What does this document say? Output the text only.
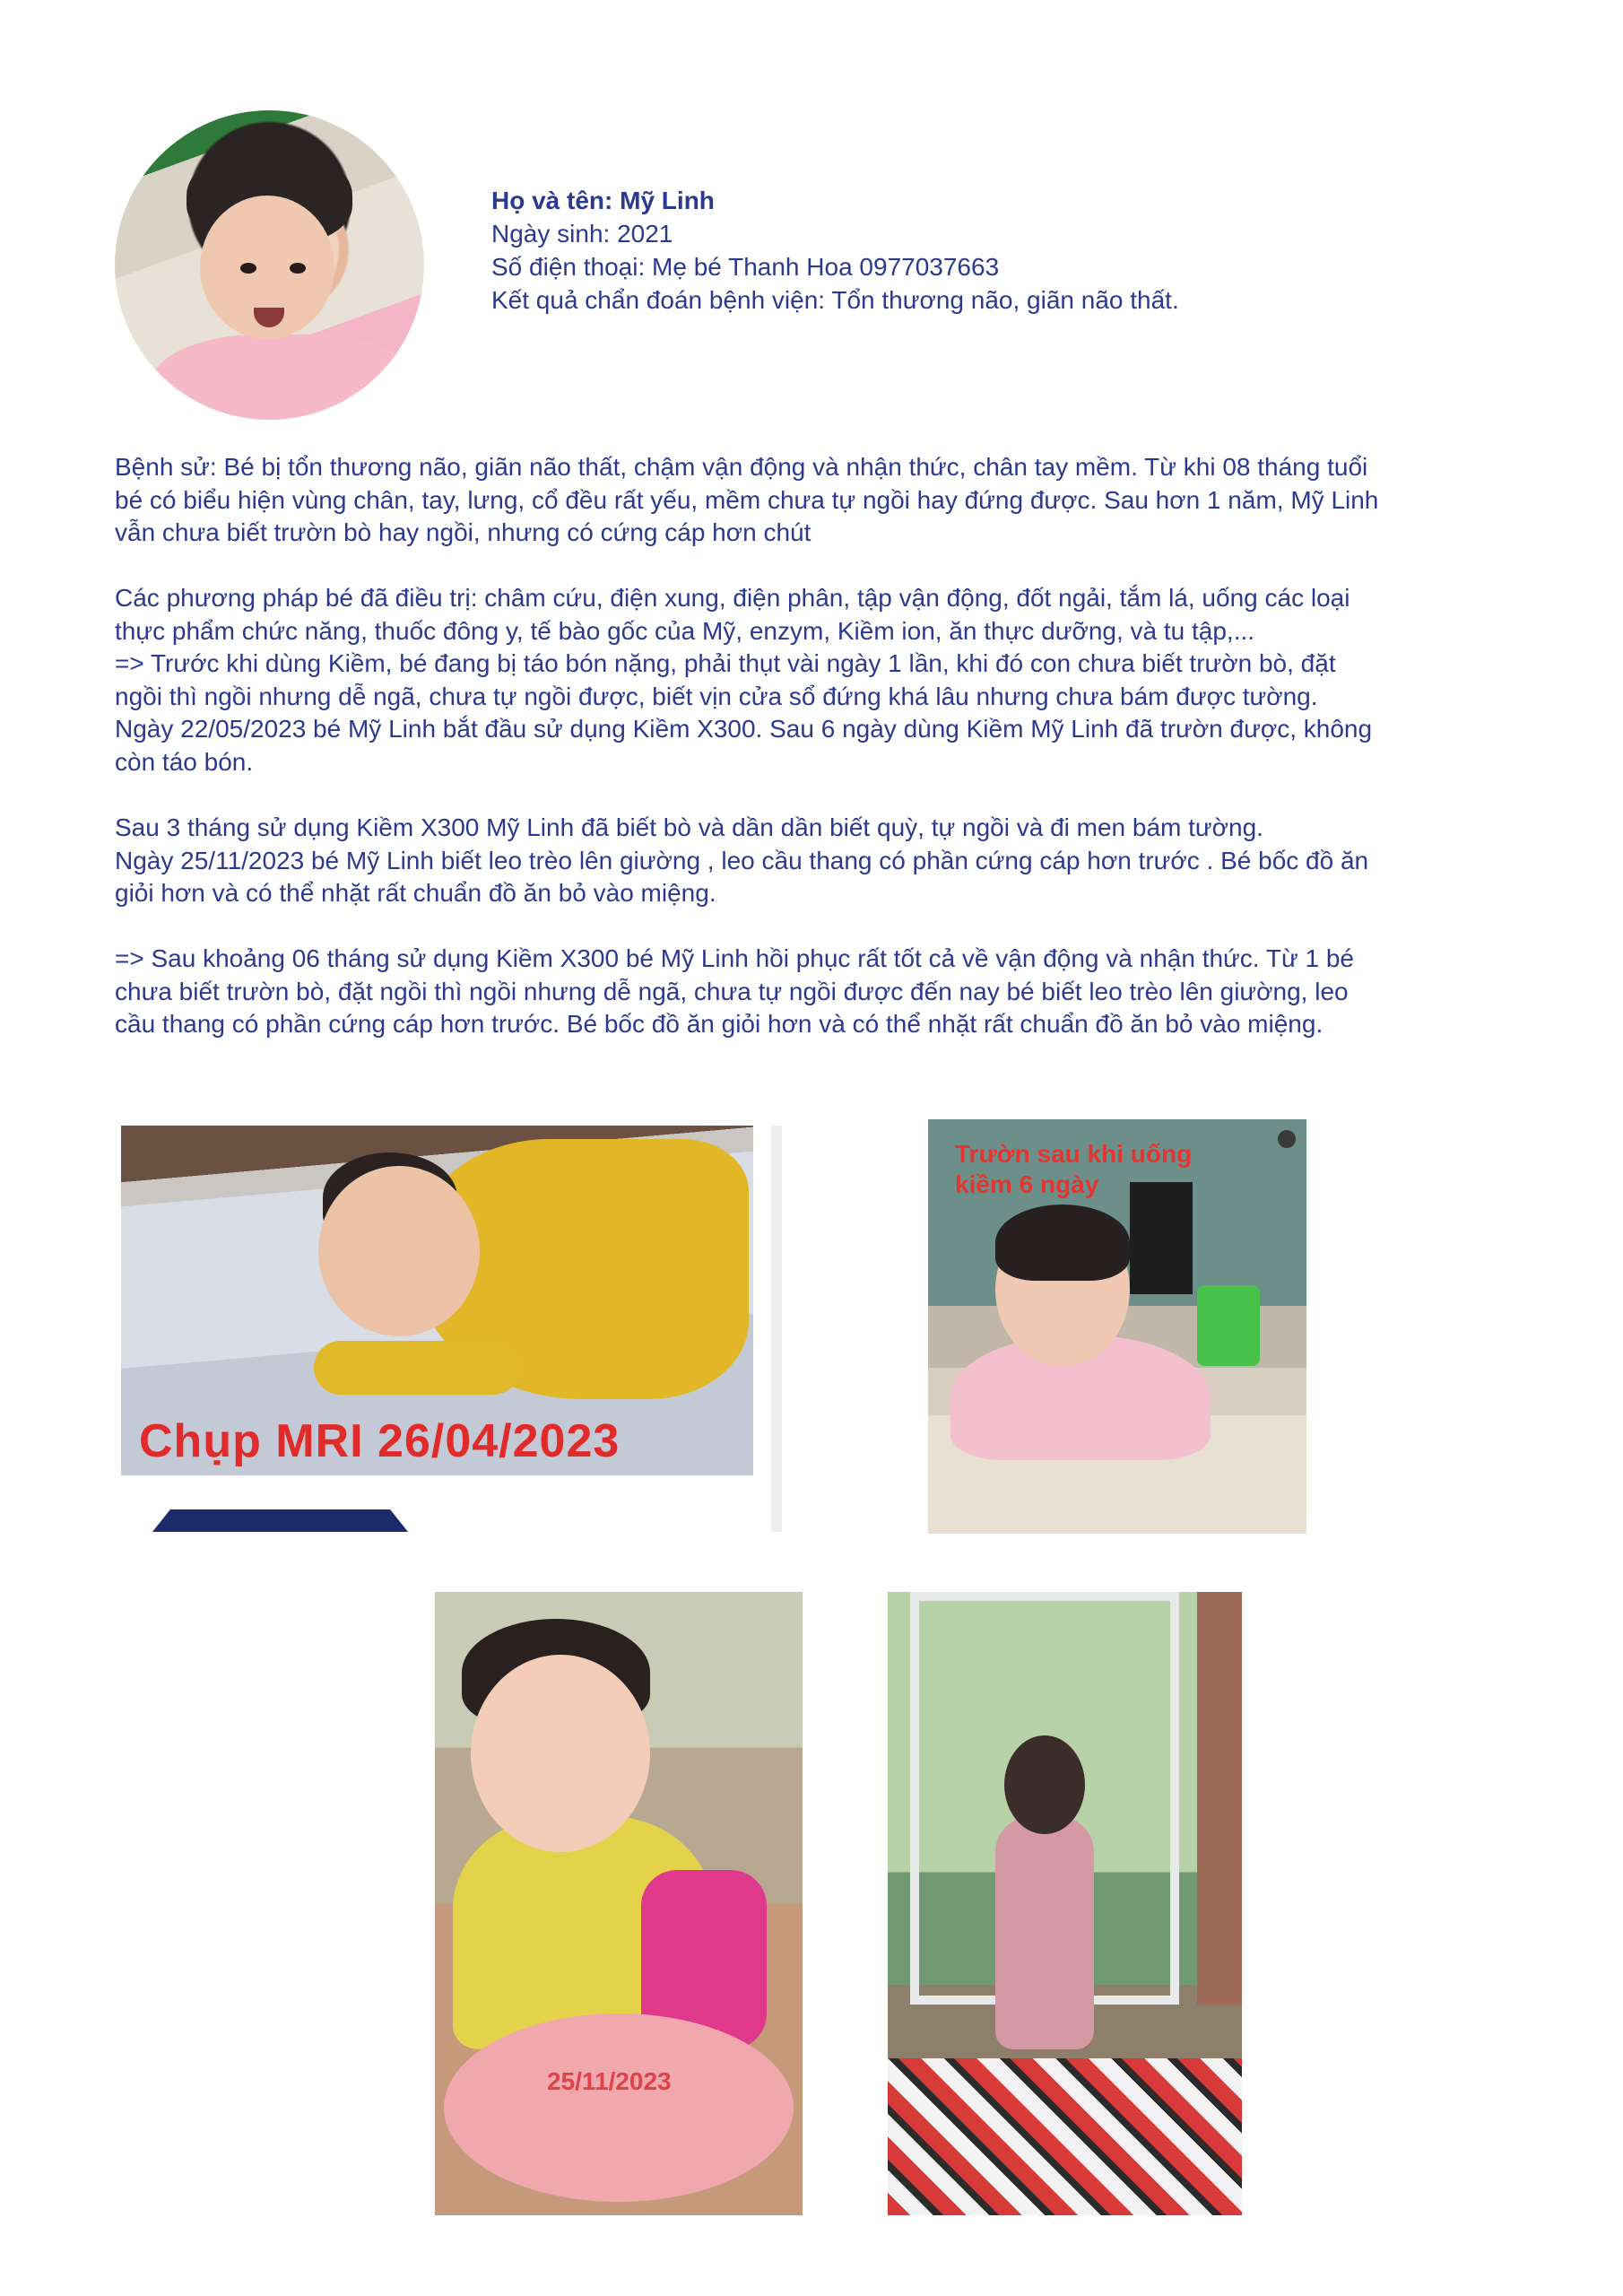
Họ và tên: Mỹ Linh
Ngày sinh: 2021
Số điện thoại: Mẹ bé Thanh Hoa 0977037663
Kết quả chẩn đoán bệnh viện: Tổn thương não, giãn não thất.

Bệnh sử: Bé bị tổn thương não, giãn não thất, chậm vận động và nhận thức, chân tay mềm. Từ khi 08 tháng tuổi

bé có biểu hiện vùng chân, tay, lưng, cổ đều rất yếu, mềm chưa tự ngồi hay đứng được. Sau hơn 1 năm, Mỹ Linh

vẫn chưa biết trườn bò hay ngồi, nhưng có cứng cáp hơn chút

Các phương pháp bé đã điều trị: châm cứu, điện xung, điện phân, tập vận động, đốt ngải, tắm lá, uống các loại

thực phẩm chức năng, thuốc đông y, tế bào gốc của Mỹ, enzym, Kiềm ion, ăn thực dưỡng, và tu tập,...

=> Trước khi dùng Kiềm, bé đang bị táo bón nặng, phải thụt vài ngày 1 lần, khi đó con chưa biết trườn bò, đặt

ngồi thì ngồi nhưng dễ ngã, chưa tự ngồi được, biết vịn cửa sổ đứng khá lâu nhưng chưa bám được tường.

Ngày 22/05/2023 bé Mỹ Linh bắt đầu sử dụng Kiềm X300. Sau 6 ngày dùng Kiềm Mỹ Linh đã trườn được, không

còn táo bón.

Sau 3 tháng sử dụng Kiềm X300 Mỹ Linh đã biết bò và dần dần biết quỳ, tự ngồi và đi men bám tường.

Ngày 25/11/2023 bé Mỹ Linh biết leo trèo lên giường , leo cầu thang có phần cứng cáp hơn trước . Bé bốc đồ ăn

giỏi hơn và có thể nhặt rất chuẩn đồ ăn bỏ vào miệng.

=> Sau khoảng 06 tháng sử dụng Kiềm X300 bé Mỹ Linh hồi phục rất tốt cả về vận động và nhận thức. Từ 1 bé

chưa biết trườn bò, đặt ngồi thì ngồi nhưng dễ ngã, chưa tự ngồi được đến nay bé biết leo trèo lên giường, leo

cầu thang có phần cứng cáp hơn trước. Bé bốc đồ ăn giỏi hơn và có thể nhặt rất chuẩn đồ ăn bỏ vào miệng.

Chụp MRI 26/04/2023
Trườn sau khi uống
kiềm 6 ngày
25/11/2023
